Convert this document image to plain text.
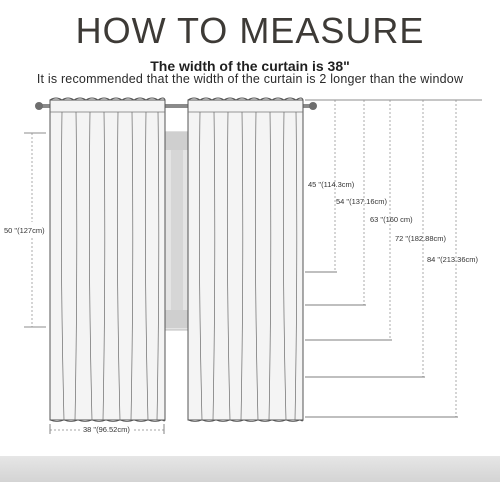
HOW TO MEASURE
The width of the curtain is 38"
It is recommended that the width of the curtain is 2 longer than the window
50 "(127cm)
38 "(96.52cm)
45 "(114.3cm)
54 "(137.16cm)
63 "(160 cm)
72 "(182.88cm)
84 "(213.36cm)
